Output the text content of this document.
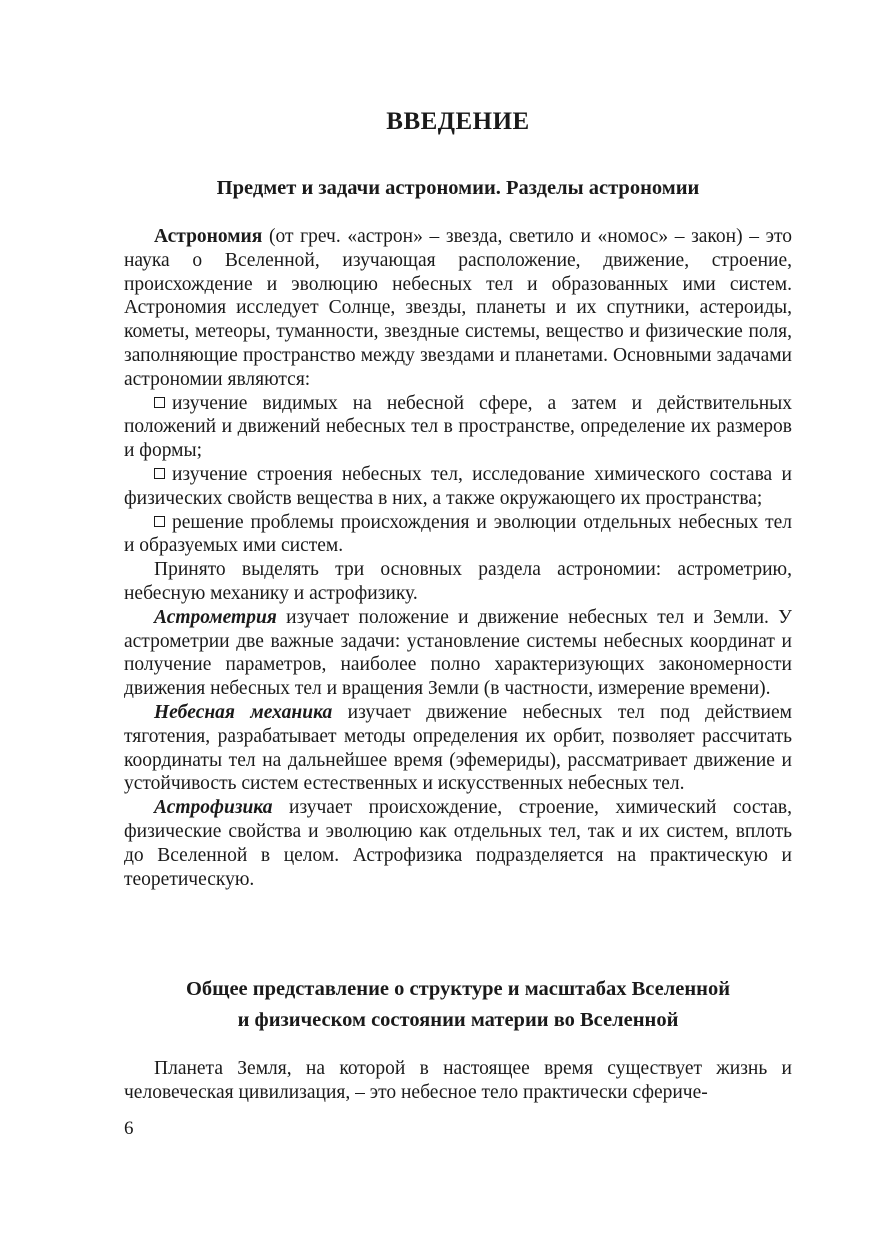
ВВЕДЕНИЕ
Предмет и задачи астрономии. Разделы астрономии

Астрономия (от греч. «астрон» – звезда, светило и «номос» – закон) – это наука о Вселенной, изучающая расположение, движение, строение, происхождение и эволюцию небесных тел и образованных ими систем. Астрономия исследует Солнце, звезды, планеты и их спутники, астероиды, кометы, метеоры, туманности, звездные системы, вещество и физические поля, заполняющие пространство между звездами и планетами. Основными задачами астрономии являются:

изучение видимых на небесной сфере, а затем и действительных положений и движений небесных тел в пространстве, определение их размеров и формы;

изучение строения небесных тел, исследование химического состава и физических свойств вещества в них, а также окружающего их пространства;

решение проблемы происхождения и эволюции отдельных небесных тел и образуемых ими систем.

Принято выделять три основных раздела астрономии: астрометрию, небесную механику и астрофизику.

Астрометрия изучает положение и движение небесных тел и Земли. У астрометрии две важные задачи: установление системы небесных координат и получение параметров, наиболее полно характеризующих закономерности движения небесных тел и вращения Земли (в частности, измерение времени).

Небесная механика изучает движение небесных тел под действием тяготения, разрабатывает методы определения их орбит, позволяет рассчитать координаты тел на дальнейшее время (эфемериды), рассматривает движение и устойчивость систем естественных и искусственных небесных тел.

Астрофизика изучает происхождение, строение, химический состав, физические свойства и эволюцию как отдельных тел, так и их систем, вплоть до Вселенной в целом. Астрофизика подразделяется на практическую и теоретическую.

Общее представление о структуре и масштабах Вселенной
и физическом состоянии материи во Вселенной

Планета Земля, на которой в настоящее время существует жизнь и человеческая цивилизация, – это небесное тело практически сфериче-

6
